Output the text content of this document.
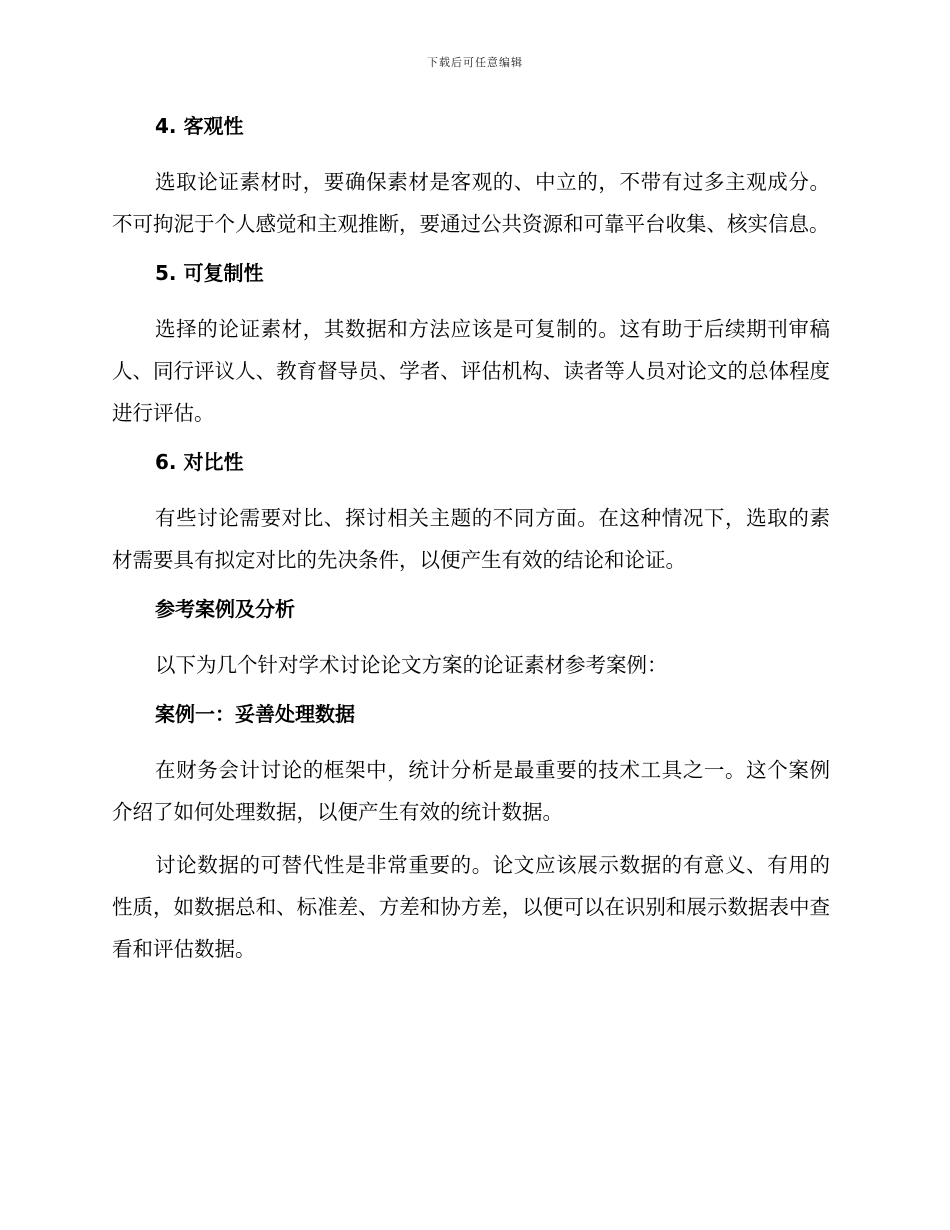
下载后可任意编辑
4. 客观性

选取论证素材时，要确保素材是客观的、中立的，不带有过多主观成分。不可拘泥于个人感觉和主观推断，要通过公共资源和可靠平台收集、核实信息。

5. 可复制性

选择的论证素材，其数据和方法应该是可复制的。这有助于后续期刊审稿人、同行评议人、教育督导员、学者、评估机构、读者等人员对论文的总体程度进行评估。

6. 对比性

有些讨论需要对比、探讨相关主题的不同方面。在这种情况下，选取的素材需要具有拟定对比的先决条件，以便产生有效的结论和论证。

参考案例及分析

以下为几个针对学术讨论论文方案的论证素材参考案例：

案例一：妥善处理数据

在财务会计讨论的框架中，统计分析是最重要的技术工具之一。这个案例介绍了如何处理数据，以便产生有效的统计数据。

讨论数据的可替代性是非常重要的。论文应该展示数据的有意义、有用的性质，如数据总和、标准差、方差和协方差，以便可以在识别和展示数据表中查看和评估数据。
